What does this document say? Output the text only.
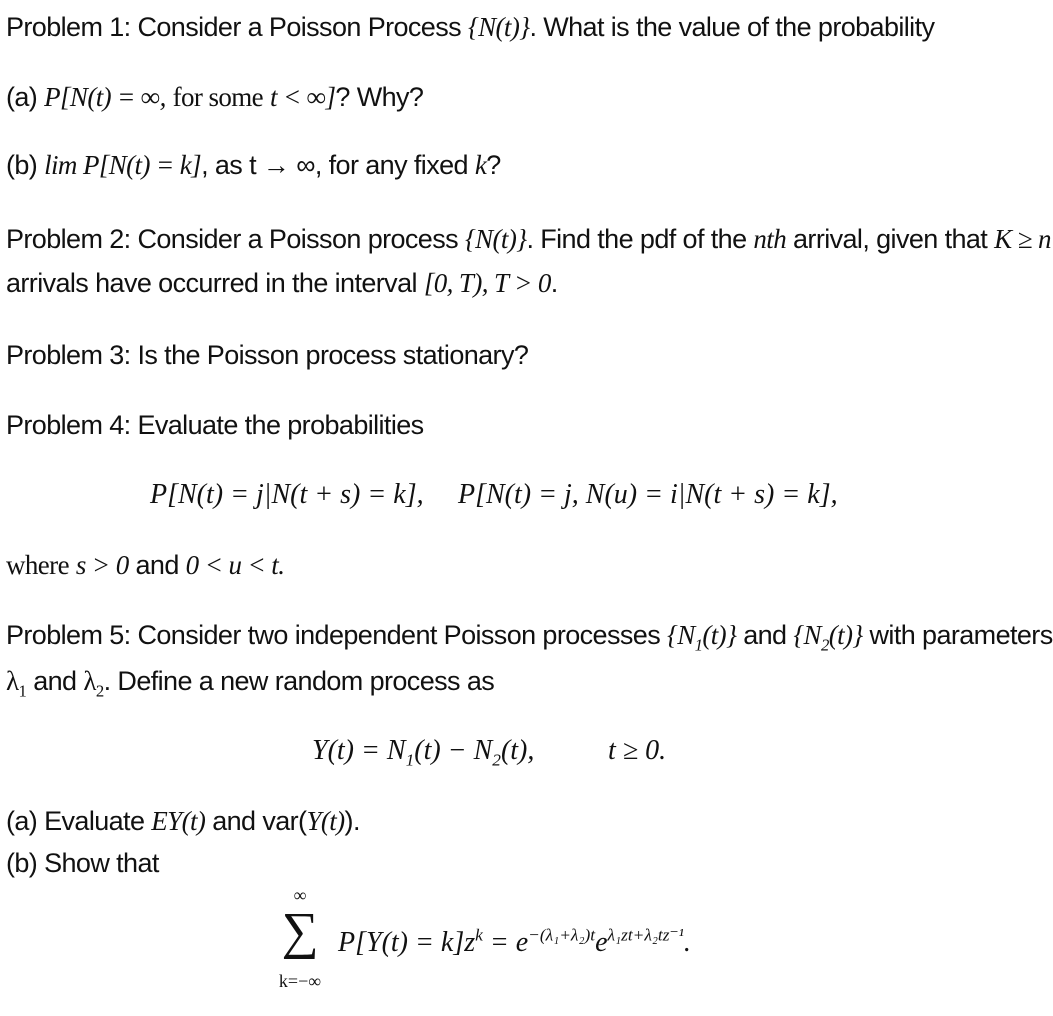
Problem 1: Consider a Poisson Process {N(t)}. What is the value of the probability
(a) P[N(t) = ∞, for some t < ∞]? Why?
(b) lim P[N(t) = k], as t → ∞, for any fixed k?
Problem 2: Consider a Poisson process {N(t)}. Find the pdf of the nth arrival, given that K ≥ n
arrivals have occurred in the interval [0, T), T > 0.
Problem 3: Is the Poisson process stationary?
Problem 4: Evaluate the probabilities
P[N(t) = j|N(t + s) = k], P[N(t) = j, N(u) = i|N(t + s) = k],
where s > 0 and 0 < u < t.
Problem 5: Consider two independent Poisson processes $\{N_1(t)\}$ and $\{N_2(t)\}$ with parameters
$\lambda_1$ and $\lambda_2$. Define a new random process as
$Y(t) = N_1(t) - N_2(t)$,	t ≥ 0.
(a) Evaluate EY(t) and var(Y(t)).
(b) Show that
∞
∑
k=−∞
$P[Y(t) = k]z^k = e^{-(\lambda_1+\lambda_2)t}e^{\lambda_1zt+\lambda_2tz^{-1}}$.
